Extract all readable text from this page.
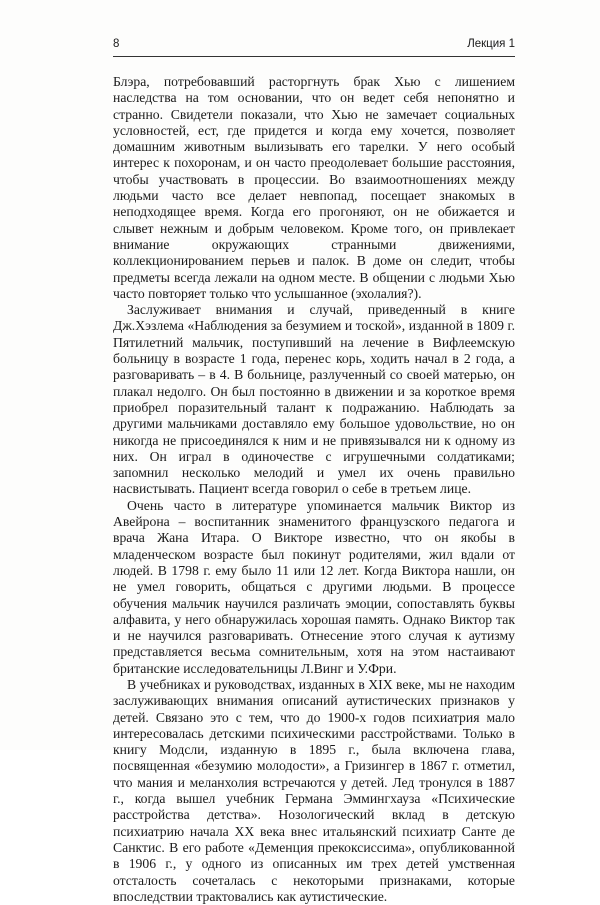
8	Лекция 1

Блэра, потребовавший расторгнуть брак Хью с лишением наследства на том основании, что он ведет себя непонятно и странно. Свидетели показали, что Хью не замечает социальных условностей, ест, где придется и когда ему хочется, позволяет домашним животным вылизывать его тарелки. У него особый интерес к похоронам, и он часто преодолевает большие расстояния, чтобы участвовать в процессии. Во взаимоотношениях между людьми часто все делает невпопад, посещает знакомых в неподходящее время. Когда его прогоняют, он не обижается и слывет нежным и добрым человеком. Кроме того, он привлекает внимание окружающих странными движениями, коллекционированием перьев и палок. В доме он следит, чтобы предметы всегда лежали на одном месте. В общении с людьми Хью часто повторяет только что услышанное (эхолалия?).

Заслуживает внимания и случай, приведенный в книге Дж.Хэзлема «Наблюдения за безумием и тоской», изданной в 1809 г. Пятилетний мальчик, поступивший на лечение в Вифлеемскую больницу в возрасте 1 года, перенес корь, ходить начал в 2 года, а разговаривать – в 4. В больнице, разлученный со своей матерью, он плакал недолго. Он был постоянно в движении и за короткое время приобрел поразительный талант к подражанию. Наблюдать за другими мальчиками доставляло ему большое удовольствие, но он никогда не присоединялся к ним и не привязывался ни к одному из них. Он играл в одиночестве с игрушечными солдатиками; запомнил несколько мелодий и умел их очень правильно насвистывать. Пациент всегда говорил о себе в третьем лице.

Очень часто в литературе упоминается мальчик Виктор из Авейрона – воспитанник знаменитого французского педагога и врача Жана Итара. О Викторе известно, что он якобы в младенческом возрасте был покинут родителями, жил вдали от людей. В 1798 г. ему было 11 или 12 лет. Когда Виктора нашли, он не умел говорить, общаться с другими людьми. В процессе обучения мальчик научился различать эмоции, сопоставлять буквы алфавита, у него обнаружилась хорошая память. Однако Виктор так и не научился разговаривать. Отнесение этого случая к аутизму представляется весьма сомнительным, хотя на этом настаивают британские исследовательницы Л.Винг и У.Фри.

В учебниках и руководствах, изданных в XIX веке, мы не находим заслуживающих внимания описаний аутистических признаков у детей. Связано это с тем, что до 1900-х годов психиатрия мало интересовалась детскими психическими расстройствами. Только в книгу Модсли, изданную в 1895 г., была включена глава, посвященная «безумию молодости», а Гризингер в 1867 г. отметил, что мания и меланхолия встречаются у детей. Лед тронулся в 1887 г., когда вышел учебник Германа Эммингхауза «Психические расстройства детства». Нозологический вклад в детскую психиатрию начала XX века внес итальянский психиатр Санте де Санктис. В его работе «Деменция прекоксиссима», опубликованной в 1906 г., у одного из описанных им трех детей умственная отсталость сочеталась с некоторыми признаками, которые впоследствии трактовались как аутистические.
